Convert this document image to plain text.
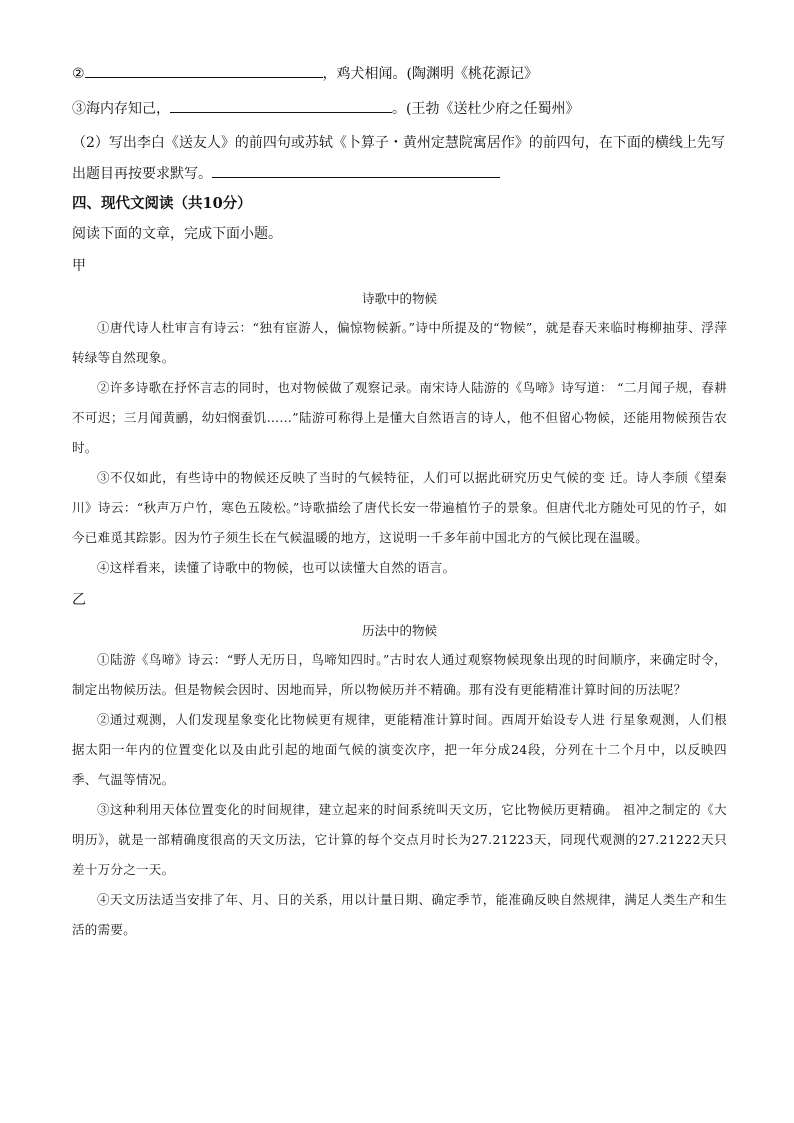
②	，鸡犬相闻。(陶渊明《桃花源记》

③海内存知己，	。(王勃《送杜少府之任蜀州》

（2）写出李白《送友人》的前四句或苏轼《卜算子・黄州定慧院寓居作》的前四句，在下面的横线上先写

出题目再按要求默写。

四、现代文阅读（共10分）

阅读下面的文章，完成下面小题。

甲

诗歌中的物候

①唐代诗人杜审言有诗云：“独有宦游人，偏惊物候新。”诗中所提及的“物候”，就是春天来临时梅柳抽芽、浮萍转绿等自然现象。

②许多诗歌在抒怀言志的同时，也对物候做了观察记录。南宋诗人陆游的《鸟啼》诗写道： “二月闻子规，春耕不可迟；三月闻黄鹂，幼妇悯蚕饥……”陆游可称得上是懂大自然语言的诗人，他不但留心物候，还能用物候预告农时。

③不仅如此，有些诗中的物候还反映了当时的气候特征，人们可以据此研究历史气候的变 迁。诗人李颀《望秦川》诗云：“秋声万户竹，寒色五陵松。”诗歌描绘了唐代长安一带遍植竹子的景象。但唐代北方随处可见的竹子，如今已难觅其踪影。因为竹子须生长在气候温暖的地方，这说明一千多年前中国北方的气候比现在温暖。

④这样看来，读懂了诗歌中的物候，也可以读懂大自然的语言。

乙

历法中的物候

①陆游《鸟啼》诗云：“野人无历日，鸟啼知四时。”古时农人通过观察物候现象出现的时间顺序，来确定时令，制定出物候历法。但是物候会因时、因地而异，所以物候历并不精确。那有没有更能精准计算时间的历法呢？

②通过观测，人们发现星象变化比物候更有规律，更能精准计算时间。西周开始设专人进 行星象观测，人们根据太阳一年内的位置变化以及由此引起的地面气候的演变次序，把一年分成24段，分列在十二个月中，以反映四季、气温等情况。

③这种利用天体位置变化的时间规律，建立起来的时间系统叫天文历，它比物候历更精确。 祖冲之制定的《大明历》，就是一部精确度很高的天文历法，它计算的每个交点月时长为27.21223天，同现代观测的27.21222天只差十万分之一天。

④天文历法适当安排了年、月、日的关系，用以计量日期、确定季节，能准确反映自然规律，满足人类生产和生活的需要。
